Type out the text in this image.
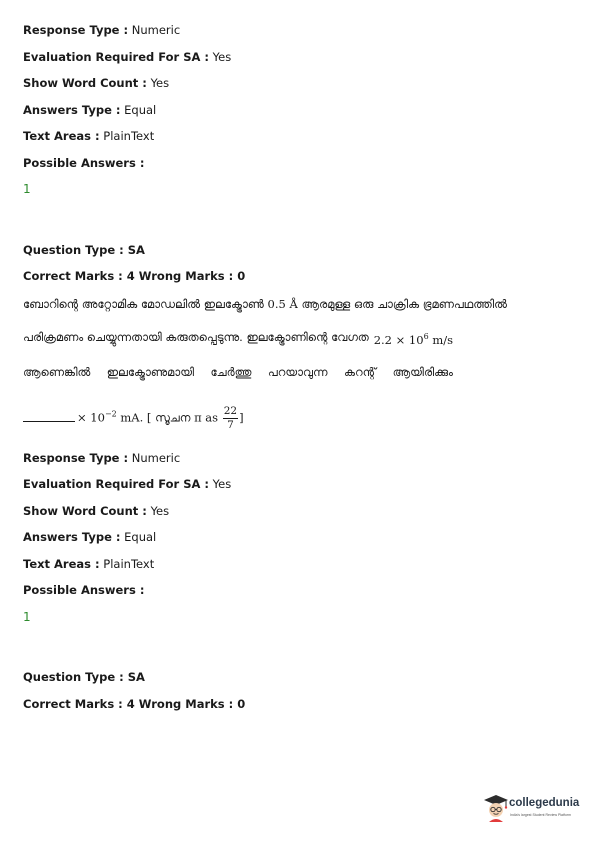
Response Type : Numeric
Evaluation Required For SA : Yes
Show Word Count : Yes
Answers Type : Equal
Text Areas : PlainText
Possible Answers :
1
Question Type : SA
Correct Marks : 4 Wrong Marks : 0
ബോറിന്റെ അറ്റോമിക മോഡലിൽ ഇലക്ട്രോൺ 0.5 Å ആരമുള്ള ഒരു ചാക്രിക ഭ്രമണപഥത്തിൽ
പരിക്രമണം ചെയ്യുന്നതായി കരുതപ്പെടുന്നു. ഇലക്ട്രോണിന്റെ വേഗത $2.2 \times 10^6$ m/s
ആണെങ്കിൽ ഇലക്ട്രോണുമായി ചേർത്തു പറയാവുന്ന കറന്റ് ആയിരിക്കും
× $10^{-2}$ mA. [ സൂചന π as $\frac{22}{7}$ ]
Response Type : Numeric
Evaluation Required For SA : Yes
Show Word Count : Yes
Answers Type : Equal
Text Areas : PlainText
Possible Answers :
1
Question Type : SA
Correct Marks : 4 Wrong Marks : 0
collegedunia
India's largest Student Review Platform
